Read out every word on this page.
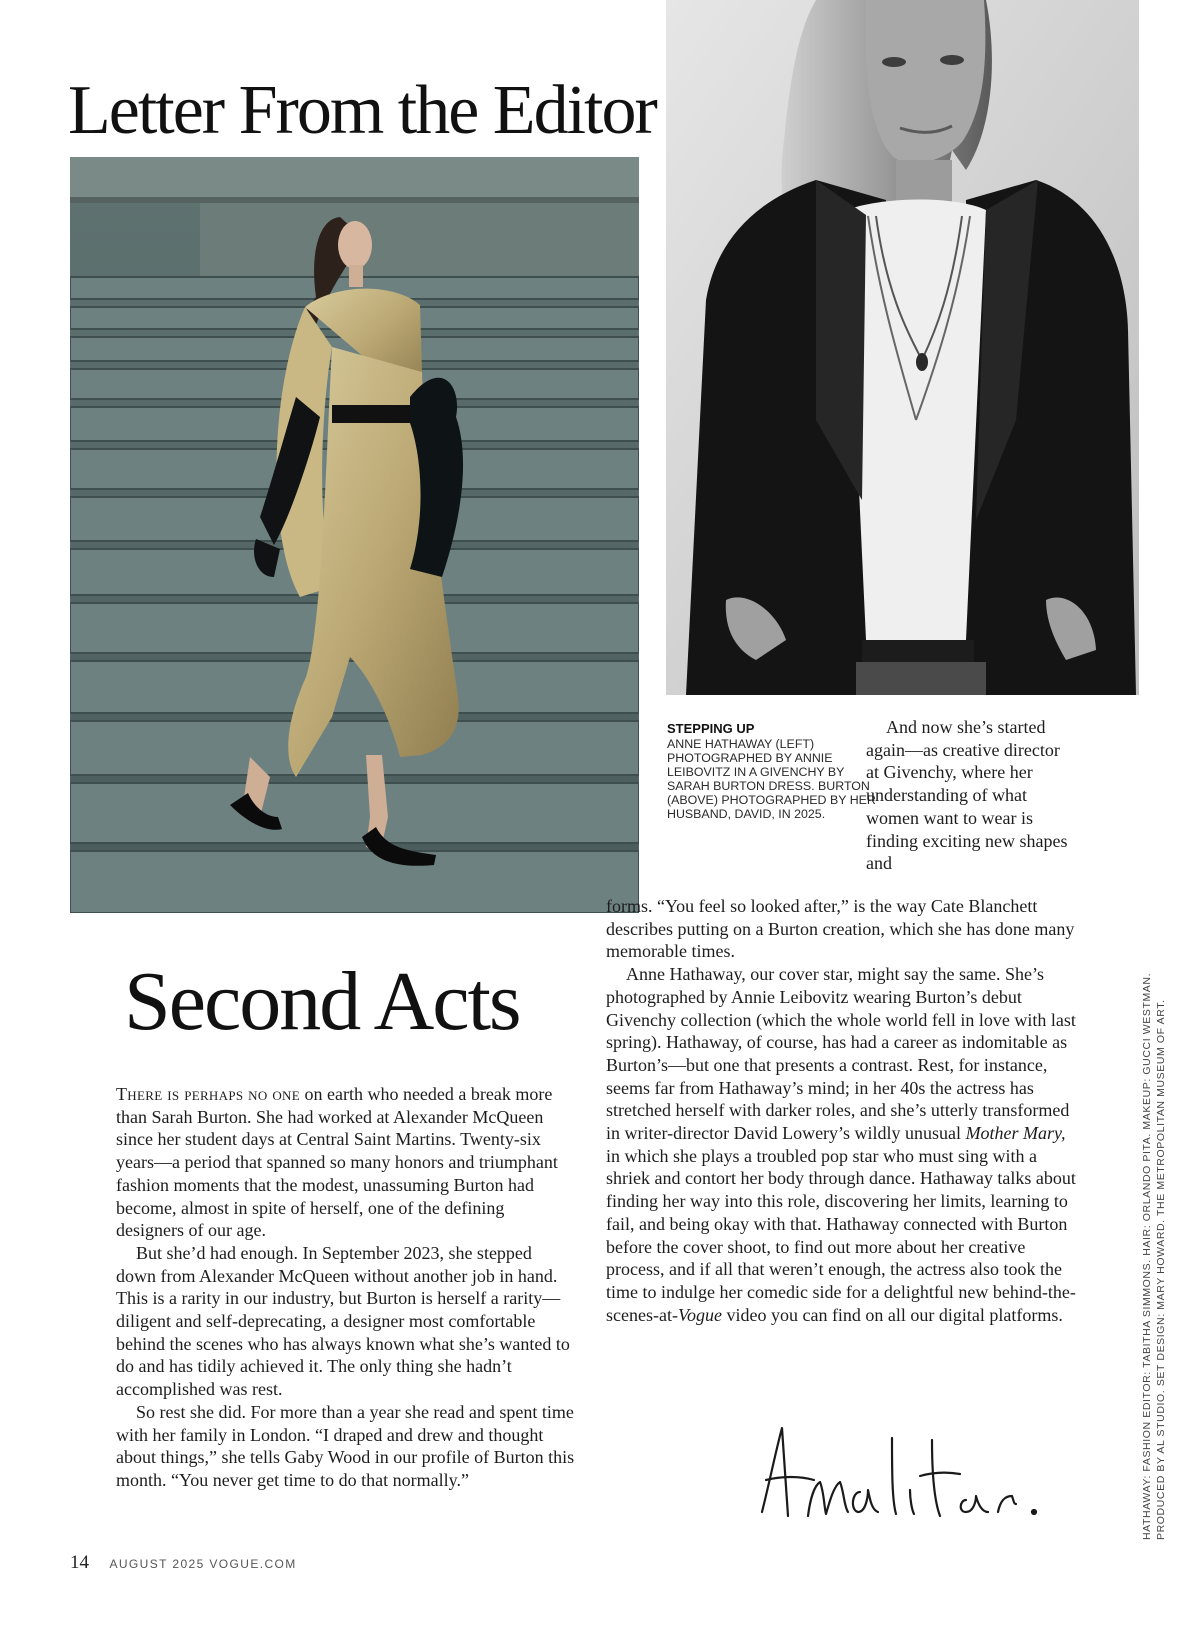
Letter From the Editor
STEPPING UP
ANNE HATHAWAY (LEFT) PHOTOGRAPHED BY ANNIE LEIBOVITZ IN A GIVENCHY BY SARAH BURTON DRESS. BURTON (ABOVE) PHOTOGRAPHED BY HER HUSBAND, DAVID, IN 2025.
Second Acts

There is perhaps no one on earth who needed a break more than Sarah Burton. She had worked at Alexander McQueen since her student days at Central Saint Martins. Twenty-six years—a period that spanned so many honors and triumphant fashion moments that the modest, unassuming Burton had become, almost in spite of herself, one of the defining designers of our age.

But she’d had enough. In September 2023, she stepped down from Alexander McQueen without another job in hand. This is a rarity in our industry, but Burton is herself a rarity—diligent and self-deprecating, a designer most comfortable behind the scenes who has always known what she’s wanted to do and has tidily achieved it. The only thing she hadn’t accomplished was rest.

So rest she did. For more than a year she read and spent time with her family in London. “I draped and drew and thought about things,” she tells Gaby Wood in our profile of Burton this month. “You never get time to do that normally.”

And now she’s started again—as creative director at Givenchy, where her understanding of what women want to wear is finding exciting new shapes and

forms. “You feel so looked after,” is the way Cate Blanchett describes putting on a Burton creation, which she has done many memorable times.

Anne Hathaway, our cover star, might say the same. She’s photographed by Annie Leibovitz wearing Burton’s debut Givenchy collection (which the whole world fell in love with last spring). Hathaway, of course, has had a career as indomitable as Burton’s—but one that presents a contrast. Rest, for instance, seems far from Hathaway’s mind; in her 40s the actress has stretched herself with darker roles, and she’s utterly transformed in writer-director David Lowery’s wildly unusual Mother Mary, in which she plays a troubled pop star who must sing with a shriek and contort her body through dance. Hathaway talks about finding her way into this role, discovering her limits, learning to fail, and being okay with that. Hathaway connected with Burton before the cover shoot, to find out more about her creative process, and if all that weren’t enough, the actress also took the time to indulge her comedic side for a delightful new behind-the-scenes-at-Vogue video you can find on all our digital platforms.	HATHAWAY: FASHION EDITOR: TABITHA SIMMONS. HAIR: ORLANDO PITA. MAKEUP: GUCCI WESTMAN. PRODUCED BY AL STUDIO. SET DESIGN: MARY HOWARD. THE METROPOLITAN MUSEUM OF ART.
14 AUGUST 2025 VOGUE.COM
